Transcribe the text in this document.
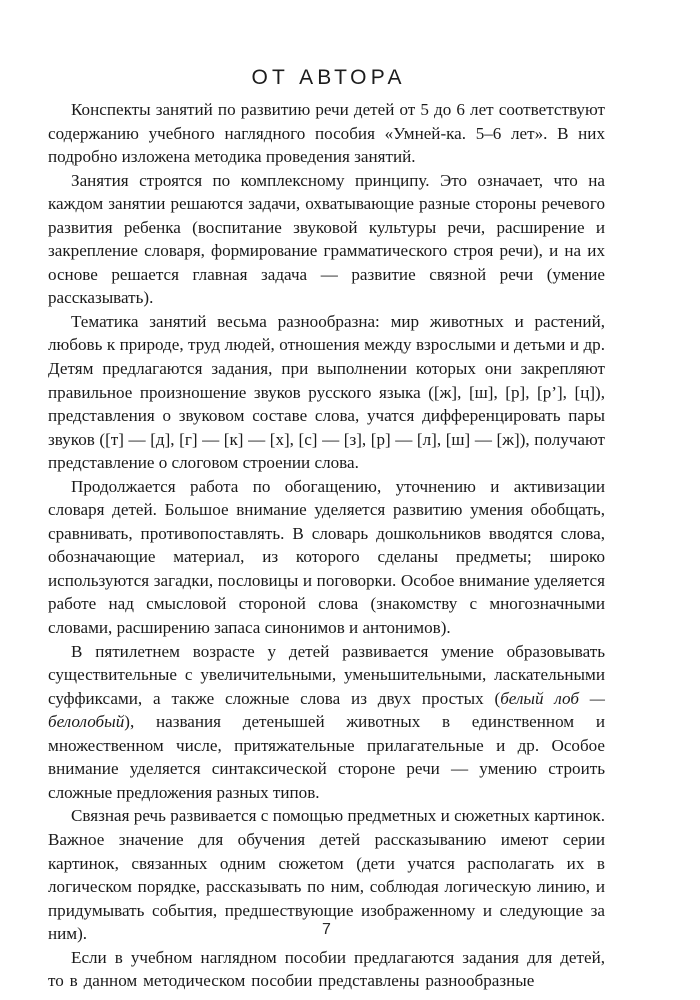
ОТ АВТОРА

Конспекты занятий по развитию речи детей от 5 до 6 лет соответствуют содержанию учебного наглядного пособия «Умней-ка. 5–6 лет». В них подробно изложена методика проведения занятий.

Занятия строятся по комплексному принципу. Это означает, что на каждом занятии решаются задачи, охватывающие разные стороны речевого развития ребенка (воспитание звуковой культуры речи, расширение и закрепление словаря, формирование грамматического строя речи), и на их основе решается главная задача — развитие связной речи (умение рассказывать).

Тематика занятий весьма разнообразна: мир животных и растений, любовь к природе, труд людей, отношения между взрослыми и детьми и др. Детям предлагаются задания, при выполнении которых они закрепляют правильное произношение звуков русского языка ([ж], [ш], [р], [р’], [ц]), представления о звуковом составе слова, учатся дифференцировать пары звуков ([т] — [д], [г] — [к] — [х], [с] — [з], [р] — [л], [ш] — [ж]), получают представление о слоговом строении слова.

Продолжается работа по обогащению, уточнению и активизации словаря детей. Большое внимание уделяется развитию умения обобщать, сравнивать, противопоставлять. В словарь дошкольников вводятся слова, обозначающие материал, из которого сделаны предметы; широко используются загадки, пословицы и поговорки. Особое внимание уделяется работе над смысловой стороной слова (знакомству с многозначными словами, расширению запаса синонимов и антонимов).

В пятилетнем возрасте у детей развивается умение образовывать существительные с увеличительными, уменьшительными, ласкательными суффиксами, а также сложные слова из двух простых (белый лоб — белолобый), названия детенышей животных в единственном и множественном числе, притяжательные прилагательные и др. Особое внимание уделяется синтаксической стороне речи — умению строить сложные предложения разных типов.

Связная речь развивается с помощью предметных и сюжетных картинок. Важное значение для обучения детей рассказыванию имеют серии картинок, связанных одним сюжетом (дети учатся располагать их в логическом порядке, рассказывать по ним, соблюдая логическую линию, и придумывать события, предшествующие изображенному и следующие за ним).

Если в учебном наглядном пособии предлагаются задания для детей, то в данном методическом пособии представлены разнообразные

7
